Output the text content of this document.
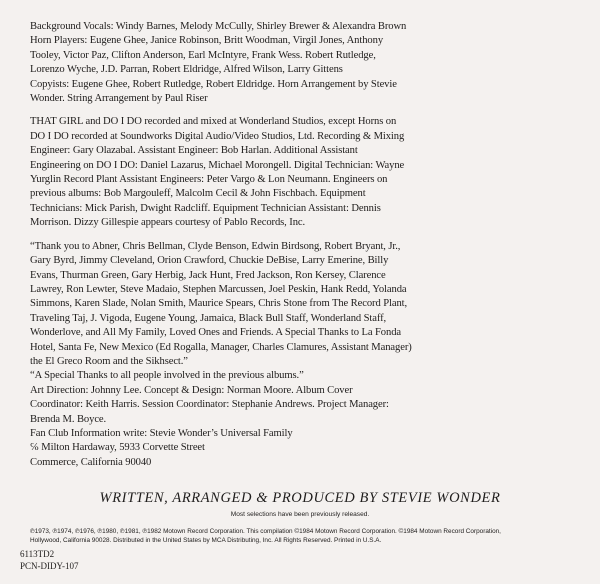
Background Vocals: Windy Barnes, Melody McCully, Shirley Brewer & Alexandra Brown
Horn Players: Eugene Ghee, Janice Robinson, Britt Woodman, Virgil Jones, Anthony
Tooley, Victor Paz, Clifton Anderson, Earl McIntyre, Frank Wess. Robert Rutledge,
Lorenzo Wyche, J.D. Parran, Robert Eldridge, Alfred Wilson, Larry Gittens
Copyists: Eugene Ghee, Robert Rutledge, Robert Eldridge. Horn Arrangement by Stevie
Wonder. String Arrangement by Paul Riser
THAT GIRL and DO I DO recorded and mixed at Wonderland Studios, except Horns on
DO I DO recorded at Soundworks Digital Audio/Video Studios, Ltd. Recording & Mixing
Engineer: Gary Olazabal. Assistant Engineer: Bob Harlan. Additional Assistant
Engineering on DO I DO: Daniel Lazarus, Michael Morongell. Digital Technician: Wayne
Yurglin Record Plant Assistant Engineers: Peter Vargo & Lon Neumann. Engineers on
previous albums: Bob Margouleff, Malcolm Cecil & John Fischbach. Equipment
Technicians: Mick Parish, Dwight Radcliff. Equipment Technician Assistant: Dennis
Morrison. Dizzy Gillespie appears courtesy of Pablo Records, Inc.
“Thank you to Abner, Chris Bellman, Clyde Benson, Edwin Birdsong, Robert Bryant, Jr.,
Gary Byrd, Jimmy Cleveland, Orion Crawford, Chuckie DeBise, Larry Emerine, Billy
Evans, Thurman Green, Gary Herbig, Jack Hunt, Fred Jackson, Ron Kersey, Clarence
Lawrey, Ron Lewter, Steve Madaio, Stephen Marcussen, Joel Peskin, Hank Redd, Yolanda
Simmons, Karen Slade, Nolan Smith, Maurice Spears, Chris Stone from The Record Plant,
Traveling Taj, J. Vigoda, Eugene Young, Jamaica, Black Bull Staff, Wonderland Staff,
Wonderlove, and All My Family, Loved Ones and Friends. A Special Thanks to La Fonda
Hotel, Santa Fe, New Mexico (Ed Rogalla, Manager, Charles Clamures, Assistant Manager)
the El Greco Room and the Sikhsect.”
“A Special Thanks to all people involved in the previous albums.”
Art Direction: Johnny Lee. Concept & Design: Norman Moore. Album Cover
Coordinator: Keith Harris. Session Coordinator: Stephanie Andrews. Project Manager:
Brenda M. Boyce.
Fan Club Information write: Stevie Wonder’s Universal Family
℅ Milton Hardaway, 5933 Corvette Street
Commerce, California 90040
WRITTEN, ARRANGED & PRODUCED BY STEVIE WONDER
Most selections have been previously released.
℗1973, ℗1974, ℗1976, ℗1980, ℗1981, ℗1982 Motown Record Corporation. This compilation ©1984 Motown Record Corporation. ©1984 Motown Record Corporation,
Hollywood, California 90028. Distributed in the United States by MCA Distributing, Inc. All Rights Reserved. Printed in U.S.A.
6113TD2
PCN-DIDY-107
